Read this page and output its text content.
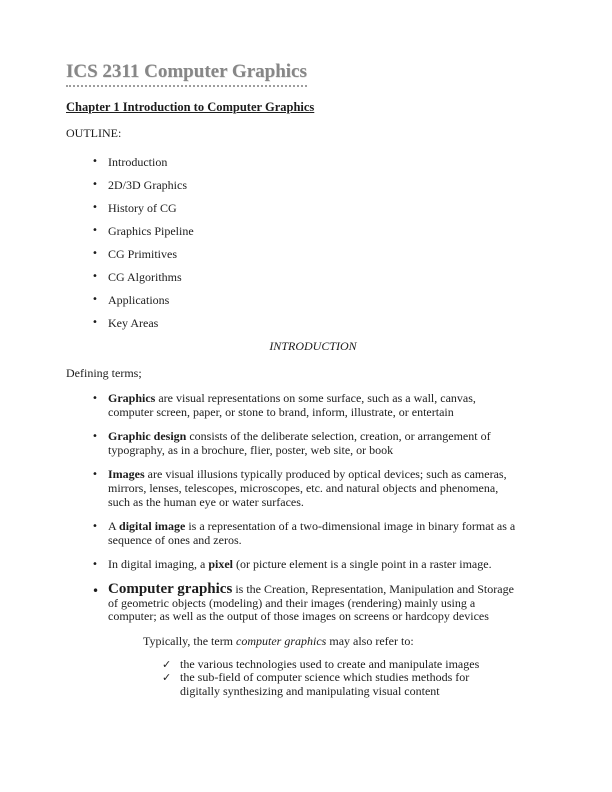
ICS 2311 Computer Graphics
Chapter 1 Introduction to Computer Graphics

OUTLINE:

• Introduction
• 2D/3D Graphics
• History of CG
• Graphics Pipeline
• CG Primitives
• CG Algorithms
• Applications
• Key Areas
INTRODUCTION

Defining terms;

• Graphics are visual representations on some surface, such as a wall, canvas, computer screen, paper, or stone to brand, inform, illustrate, or entertain
• Graphic design consists of the deliberate selection, creation, or arrangement of typography, as in a brochure, flier, poster, web site, or book
• Images are visual illusions typically produced by optical devices; such as cameras, mirrors, lenses, telescopes, microscopes, etc. and natural objects and phenomena, such as the human eye or water surfaces.
• A digital image is a representation of a two-dimensional image in binary format as a sequence of ones and zeros.
• In digital imaging, a pixel (or picture element is a single point in a raster image.
• Computer graphics is the Creation, Representation, Manipulation and Storage of geometric objects (modeling) and their images (rendering) mainly using a computer; as well as the output of those images on screens or hardcopy devices

Typically, the term computer graphics may also refer to:

✓ the various technologies used to create and manipulate images
✓ the sub-field of computer science which studies methods for digitally synthesizing and manipulating visual content
